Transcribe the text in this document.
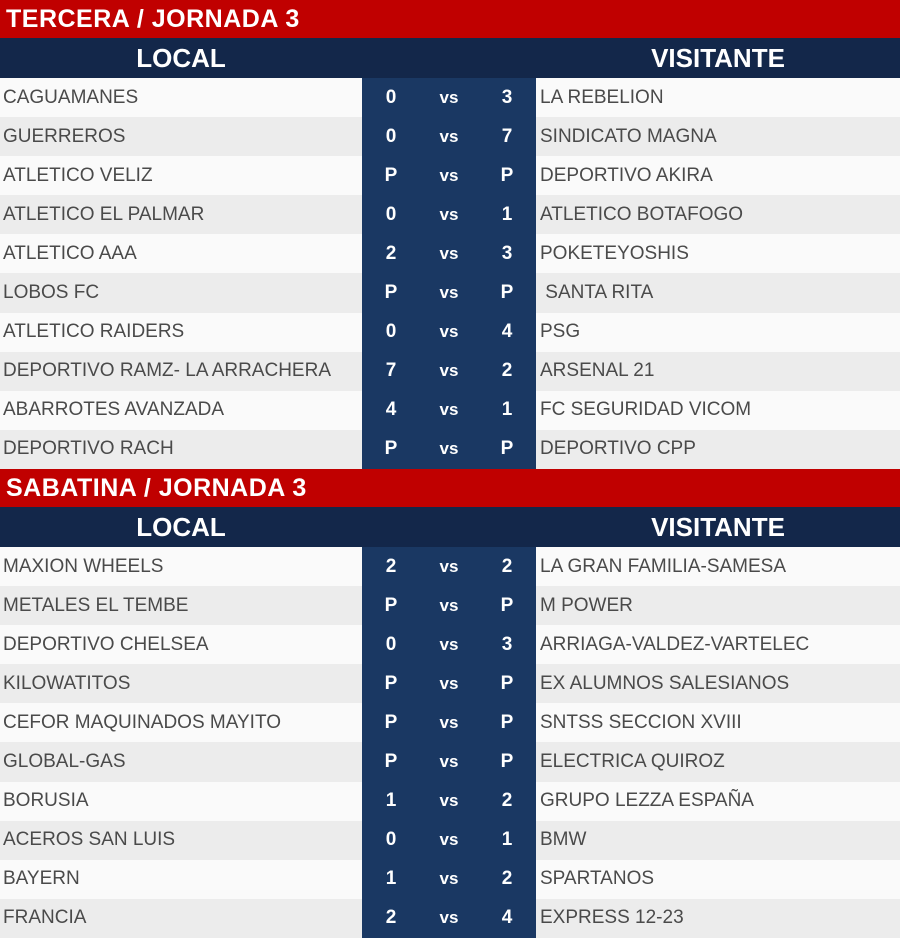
TERCERA / JORNADA 3
LOCAL	VISITANTE
CAGUAMANES	0	vs	3	LA REBELION
GUERREROS	0	vs	7	SINDICATO MAGNA
ATLETICO VELIZ	P	vs	P	DEPORTIVO AKIRA
ATLETICO EL PALMAR	0	vs	1	ATLETICO BOTAFOGO
ATLETICO AAA	2	vs	3	POKETEYOSHIS
LOBOS FC	P	vs	P	SANTA RITA
ATLETICO RAIDERS	0	vs	4	PSG
DEPORTIVO RAMZ- LA ARRACHERA	7	vs	2	ARSENAL 21
ABARROTES AVANZADA	4	vs	1	FC SEGURIDAD VICOM
DEPORTIVO RACH	P	vs	P	DEPORTIVO CPP
SABATINA / JORNADA 3
LOCAL	VISITANTE
MAXION WHEELS	2	vs	2	LA GRAN FAMILIA-SAMESA
METALES EL TEMBE	P	vs	P	M POWER
DEPORTIVO CHELSEA	0	vs	3	ARRIAGA-VALDEZ-VARTELEC
KILOWATITOS	P	vs	P	EX ALUMNOS SALESIANOS
CEFOR MAQUINADOS MAYITO	P	vs	P	SNTSS SECCION XVIII
GLOBAL-GAS	P	vs	P	ELECTRICA QUIROZ
BORUSIA	1	vs	2	GRUPO LEZZA ESPAÑA
ACEROS SAN LUIS	0	vs	1	BMW
BAYERN	1	vs	2	SPARTANOS
FRANCIA	2	vs	4	EXPRESS 12-23
